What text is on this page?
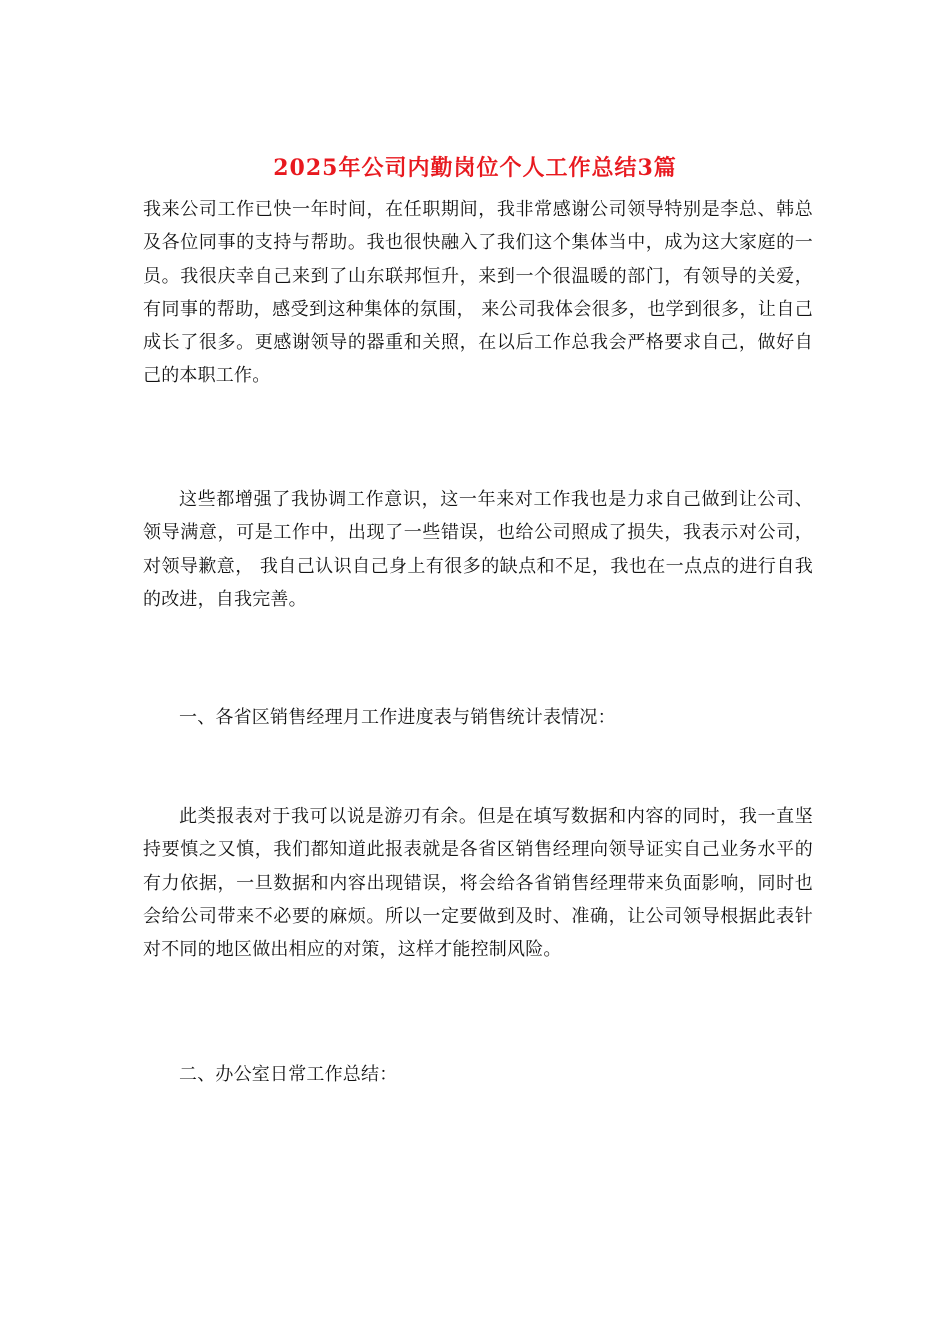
2025年公司内勤岗位个人工作总结3篇

我来公司工作已快一年时间，在任职期间，我非常感谢公司领导特别是李总、韩总及各位同事的支持与帮助。我也很快融入了我们这个集体当中，成为这大家庭的一员。我很庆幸自己来到了山东联邦恒升，来到一个很温暖的部门，有领导的关爱，有同事的帮助，感受到这种集体的氛围， 来公司我体会很多，也学到很多，让自己成长了很多。更感谢领导的器重和关照，在以后工作总我会严格要求自己，做好自己的本职工作。

这些都增强了我协调工作意识，这一年来对工作我也是力求自己做到让公司、领导满意，可是工作中，出现了一些错误，也给公司照成了损失，我表示对公司， 对领导歉意， 我自己认识自己身上有很多的缺点和不足，我也在一点点的进行自我的改进，自我完善。

一、各省区销售经理月工作进度表与销售统计表情况：

此类报表对于我可以说是游刃有余。但是在填写数据和内容的同时，我一直坚持要慎之又慎，我们都知道此报表就是各省区销售经理向领导证实自己业务水平的有力依据，一旦数据和内容出现错误，将会给各省销售经理带来负面影响，同时也会给公司带来不必要的麻烦。所以一定要做到及时、准确，让公司领导根据此表针对不同的地区做出相应的对策，这样才能控制风险。

二、办公室日常工作总结：
